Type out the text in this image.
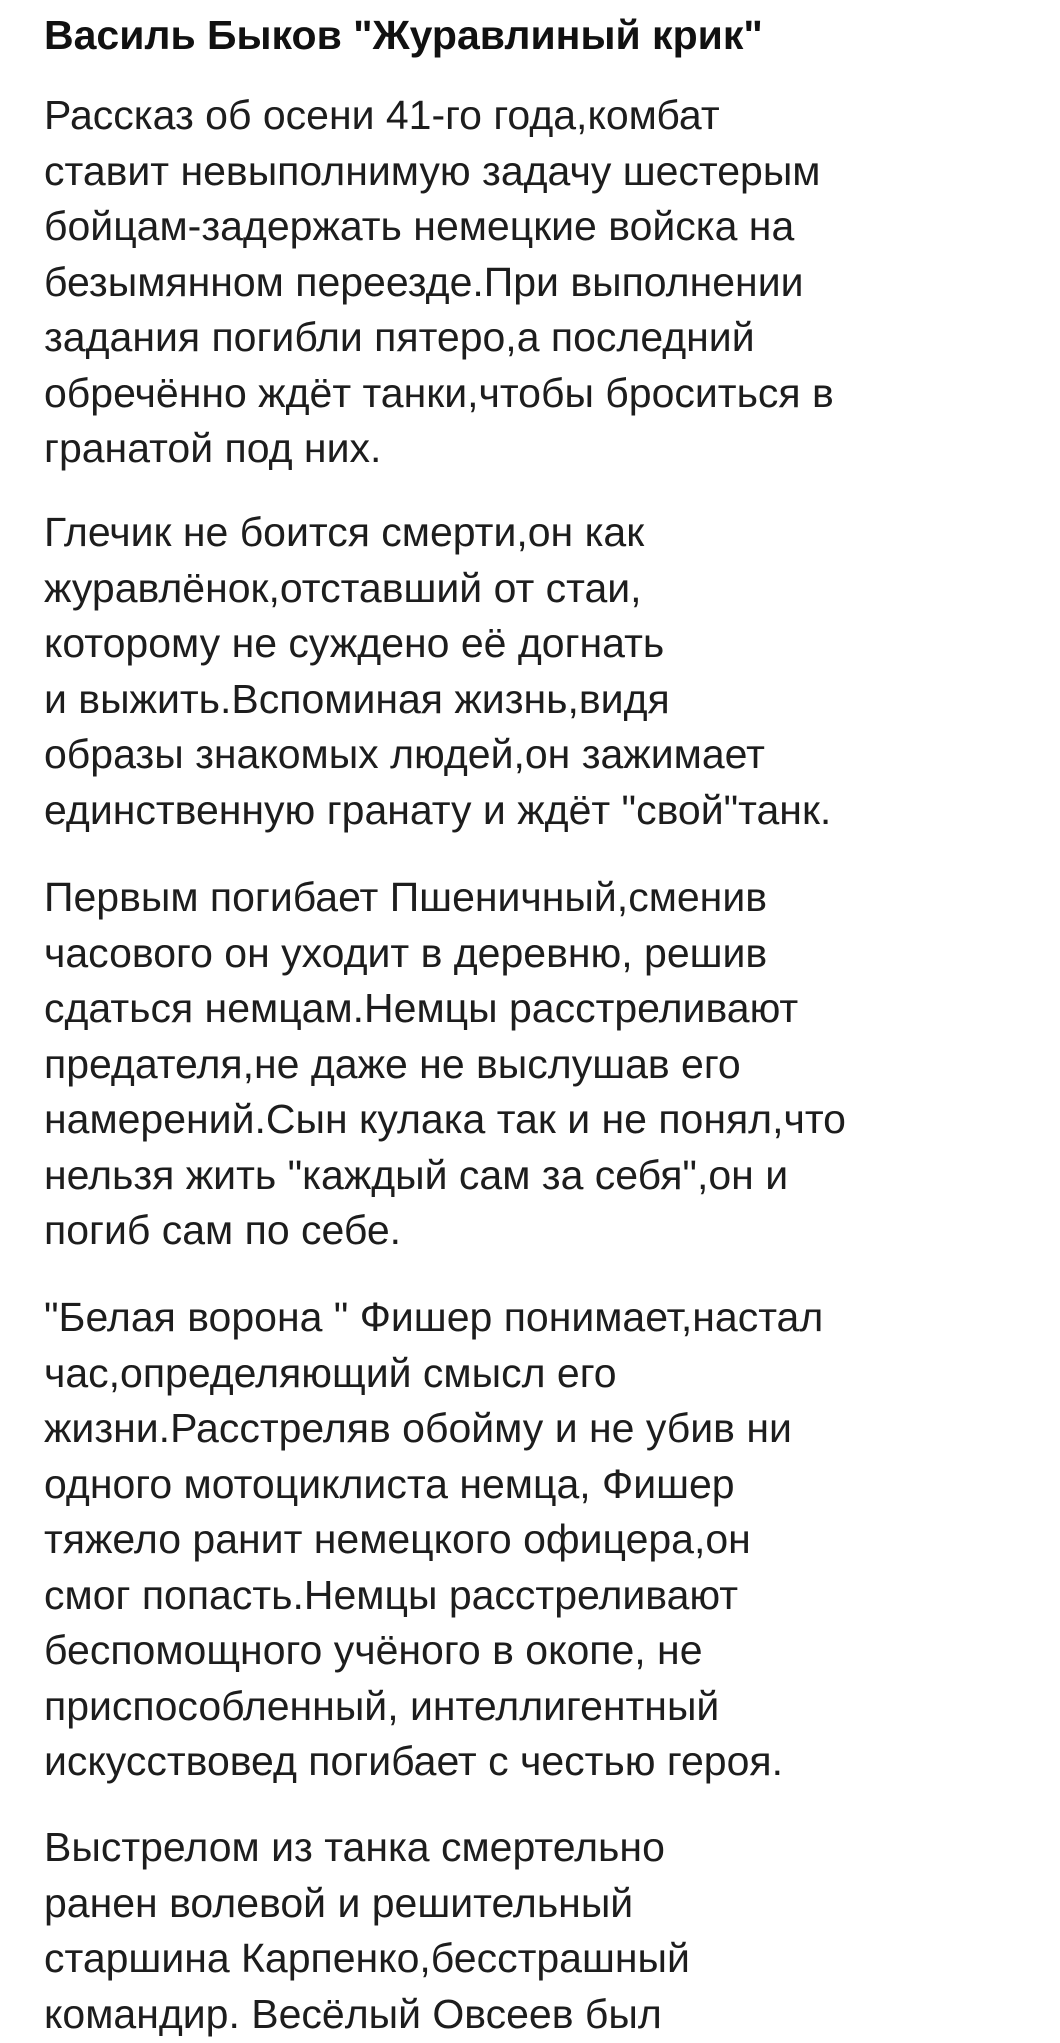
Василь Быков "Журавлиный крик"
Рассказ об осени 41-го года,комбат
ставит невыполнимую задачу шестерым
бойцам-задержать немецкие войска на
безымянном переезде.При выполнении
задания погибли пятеро,а последний
обречённо ждёт танки,чтобы броситься в
гранатой под них.
Глечик не боится смерти,он как
журавлёнок,отставший от стаи,
которому не суждено её догнать
и выжить.Вспоминая жизнь,видя
образы знакомых людей,он зажимает
единственную гранату и ждёт "свой"танк.
Первым погибает Пшеничный,сменив
часового он уходит в деревню, решив
сдаться немцам.Немцы расстреливают
предателя,не даже не выслушав его
намерений.Сын кулака так и не понял,что
нельзя жить "каждый сам за себя",он и
погиб сам по себе.
"Белая ворона " Фишер понимает,настал
час,определяющий смысл его
жизни.Расстреляв обойму и не убив ни
одного мотоциклиста немца, Фишер
тяжело ранит немецкого офицера,он
смог попасть.Немцы расстреливают
беспомощного учёного в окопе, не
приспособленный, интеллигентный
искусствовед погибает с честью героя.
Выстрелом из танка смертельно
ранен волевой и решительный
старшина Карпенко,бесстрашный
командир. Весёлый Овсеев был
